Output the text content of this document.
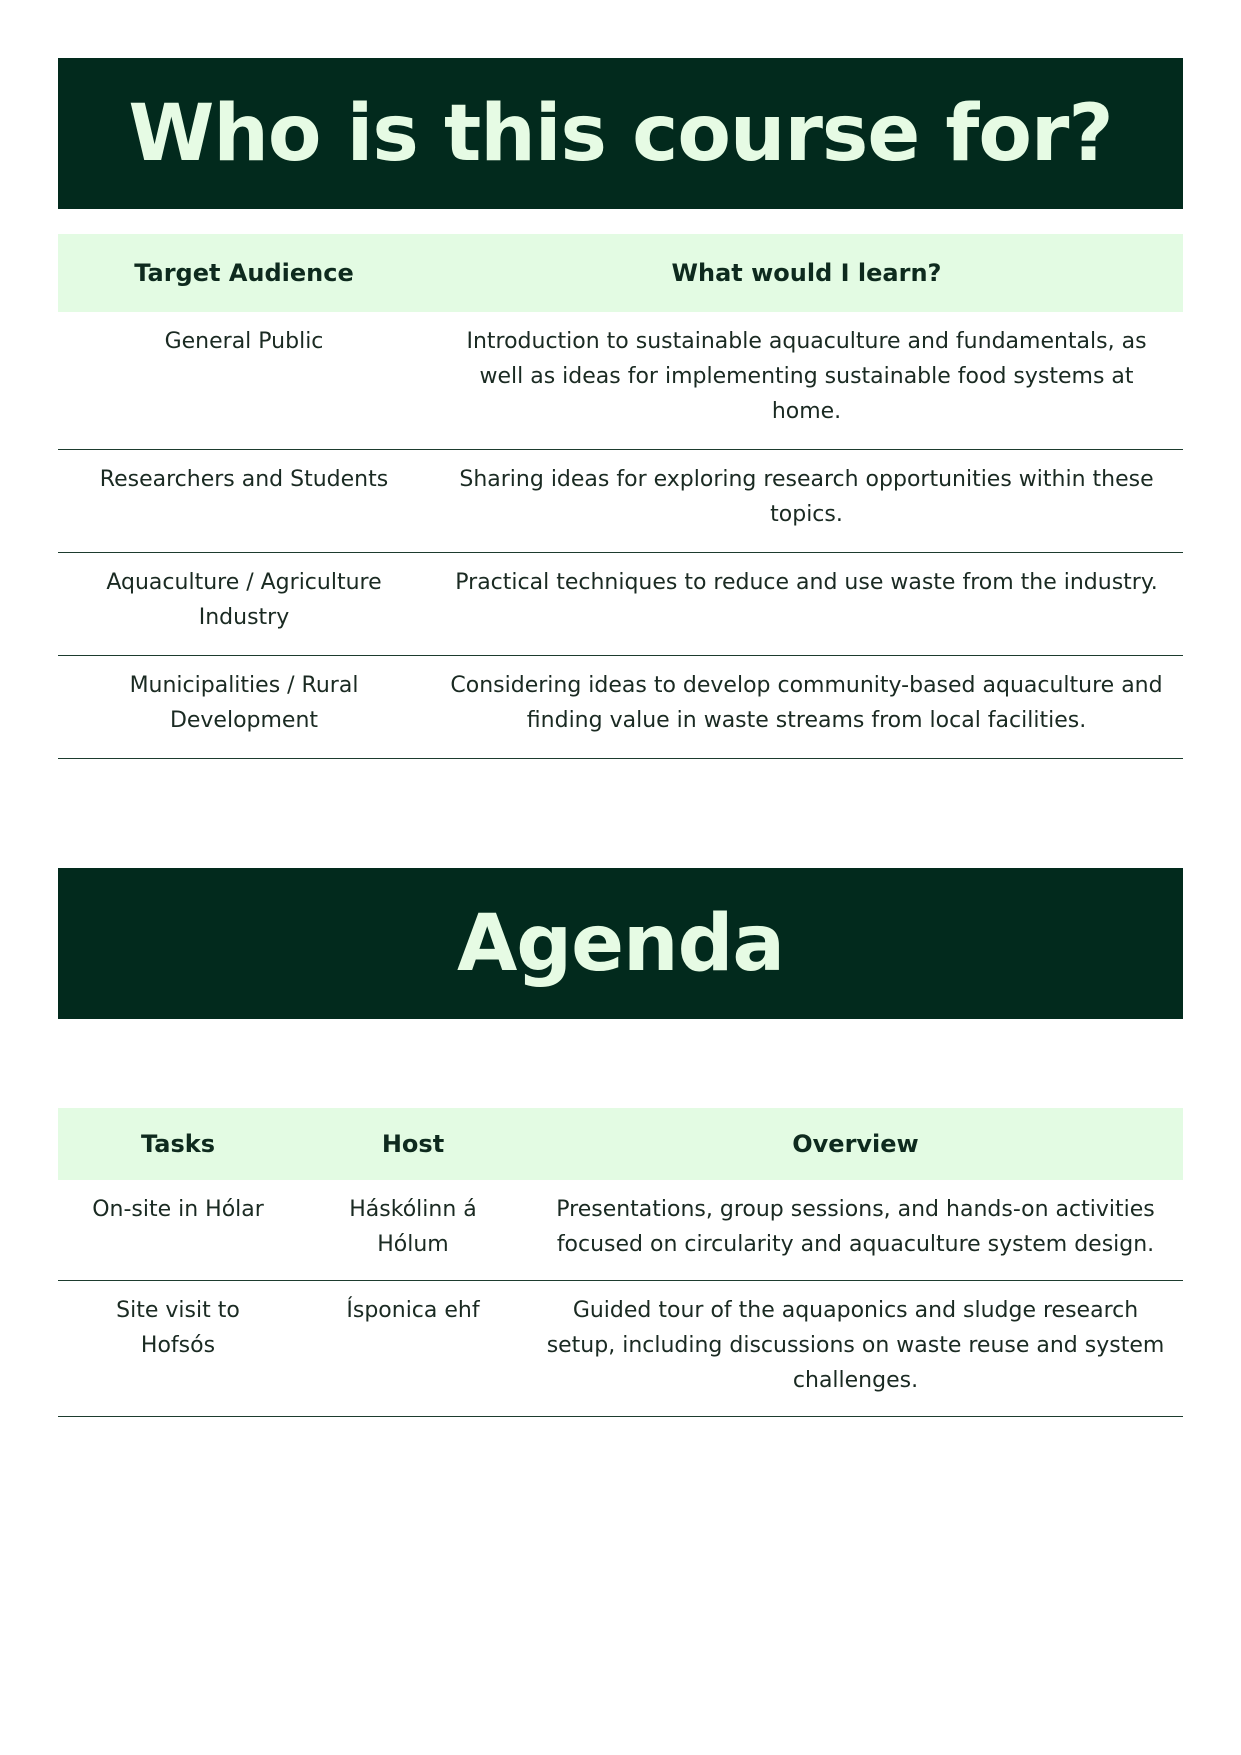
Who is this course for?
Target Audience	What would I learn?
General Public	Introduction to sustainable aquaculture and fundamentals, as well as ideas for implementing sustainable food systems at home.
Researchers and Students	Sharing ideas for exploring research opportunities within these topics.
Aquaculture / Agriculture Industry	Practical techniques to reduce and use waste from the industry.
Municipalities / Rural Development	Considering ideas to develop community-based aquaculture and finding value in waste streams from local facilities.
Agenda
Tasks	Host	Overview
On-site in Hólar	Háskólinn á Hólum	Presentations, group sessions, and hands-on activities focused on circularity and aquaculture system design.
Site visit to Hofsós	Ísponica ehf	Guided tour of the aquaponics and sludge research setup, including discussions on waste reuse and system challenges.
